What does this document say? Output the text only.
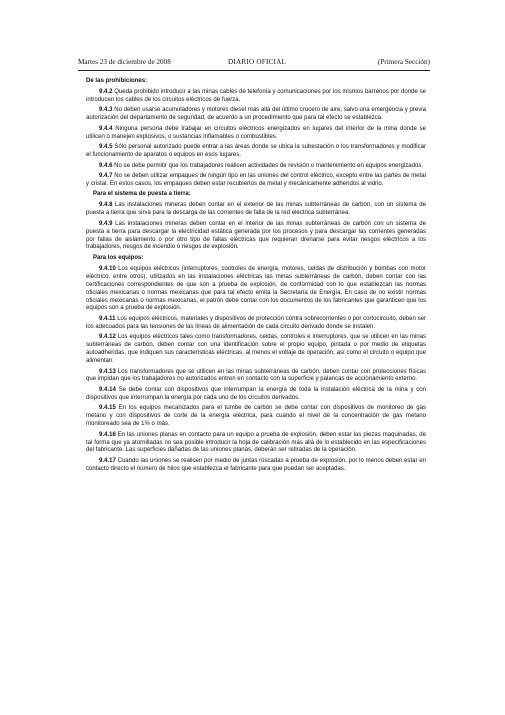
Martes 23 de diciembre de 2008	DIARIO OFICIAL	(Primera Sección)

De las prohibiciones:

9.4.2 Queda prohibido introducir a las minas cables de telefonía y comunicaciones por los mismos barrenos por donde se introducen los cables de los circuitos eléctricos de fuerza.

9.4.3 No deben usarse acumuladores y motores diesel más allá del último crucero de aire, salvo una emergencia y previa autorización del departamento de seguridad, de acuerdo a un procedimiento que para tal efecto se establezca.

9.4.4 Ninguna persona debe trabajar en circuitos eléctricos energizados en lugares del interior de la mina donde se utilicen o manejen explosivos, o sustancias inflamables o combustibles.

9.4.5 Sólo personal autorizado puede entrar a las áreas donde se ubica la subestación o los transformadores y modificar el funcionamiento de aparatos o equipos en esos lugares.

9.4.6 No se debe permitir que los trabajadores realicen actividades de revisión o mantenimiento en equipos energizados.

9.4.7 No se deben utilizar empaques de ningún tipo en las uniones del control eléctrico, excepto entre las partes de metal y cristal. En estos casos, los empaques deben estar recubiertos de metal y mecánicamente adheridos al vidrio.

Para el sistema de puesta a tierra:

9.4.8 Las instalaciones mineras deben contar en el exterior de las minas subterráneas de carbón, con un sistema de puesta a tierra que sirva para la descarga de las corrientes de falla de la red eléctrica subterránea.

9.4.9 Las instalaciones mineras deben contar en el interior de las minas subterráneas de carbón con un sistema de puesta a tierra para descargar la electricidad estática generada por los procesos y para descargar las corrientes generadas por fallas de aislamiento o por otro tipo de fallas eléctricas que requieran drenarse para evitar riesgos eléctricos a los trabajadores, riesgos de incendio o riesgos de explosión.

Para los equipos:

9.4.10 Los equipos eléctricos (interruptores, controles de energía, motores, celdas de distribución y bombas con motor eléctrico, entre otros), utilizados en las instalaciones eléctricas las minas subterráneas de carbón, deben contar con las certificaciones correspondientes de que son a prueba de explosión, de conformidad con lo que establezcan las normas oficiales mexicanas o normas mexicanas que para tal efecto emita la Secretaría de Energía. En caso de no existir normas oficiales mexicanas o normas mexicanas, el patrón debe contar con los documentos de los fabricantes que garanticen que los equipos son a prueba de explosión.

9.4.11 Los equipos eléctricos, materiales y dispositivos de protección contra sobrecorrientes o por cortocircuito, deben ser los adecuados para las tensiones de las líneas de alimentación de cada circuito derivado donde se instalen.

9.4.12 Los equipos eléctricos tales como transformadores, celdas, controles e interruptores, que se utilicen en las minas subterráneas de carbón, deben contar con una identificación sobre el propio equipo, pintada o por medio de etiquetas autoadheridas, que indiquen sus características eléctricas, al menos el voltaje de operación, así como el circuito o equipo que alimentan.

9.4.13 Los transformadores que se utilicen en las minas subterráneas de carbón, deben contar con protecciones físicas que impidan que los trabajadores no autorizados entren en contacto con la superficie y palancas de accionamiento externo.

9.4.14 Se debe contar con dispositivos que interrumpan la energía de toda la instalación eléctrica de la mina y con dispositivos que interrumpan la energía por cada uno de los circuitos derivados.

9.4.15 En los equipos mecanizados para el tumbe de carbón se debe contar con dispositivos de monitoreo de gas metano y con dispositivos de corte de la energía eléctrica, para cuando el nivel de la concentración de gas metano monitoreado sea de 1% o más.

9.4.16 En las uniones planas en contacto para un equipo a prueba de explosión, deben estar las piezas maquinadas, de tal forma que ya atornilladas no sea posible introducir la hoja de calibración más allá de lo establecido en las especificaciones del fabricante. Las superficies dañadas de las uniones planas, deberán ser retiradas de la operación.

9.4.17 Cuando las uniones se realicen por medio de juntas roscadas a prueba de explosión, por lo menos deben estar en contacto directo el número de hilos que establezca el fabricante para que puedan ser aceptadas.
